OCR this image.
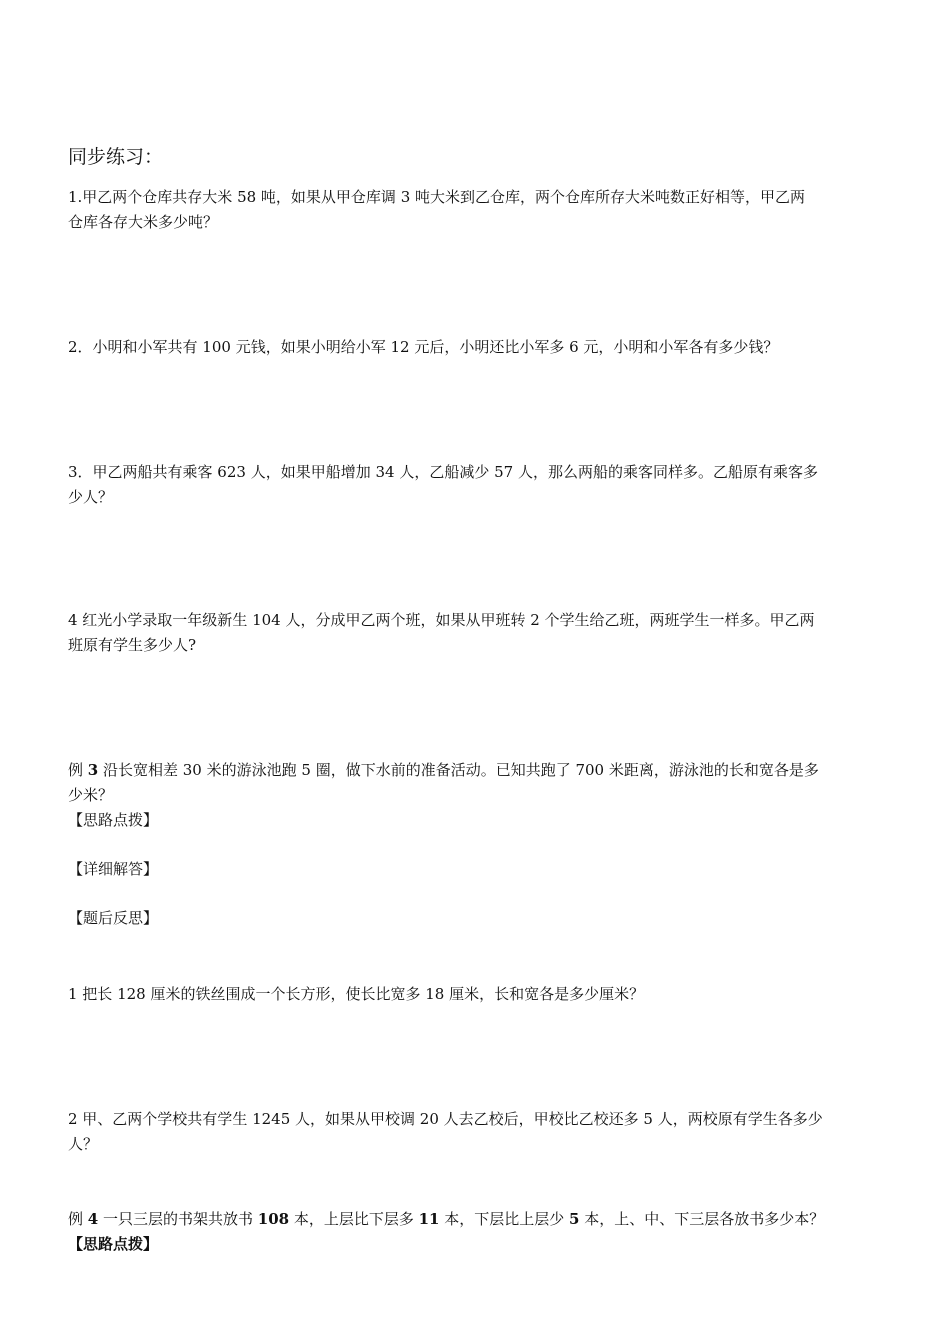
同步练习：
1.甲乙两个仓库共存大米 58 吨，如果从甲仓库调 3 吨大米到乙仓库，两个仓库所存大米吨数正好相等，甲乙两
仓库各存大米多少吨？
2．小明和小军共有 100 元钱，如果小明给小军 12 元后，小明还比小军多 6 元，小明和小军各有多少钱？
3．甲乙两船共有乘客 623 人，如果甲船增加 34 人，乙船减少 57 人，那么两船的乘客同样多。乙船原有乘客多
少人？
4 红光小学录取一年级新生 104 人，分成甲乙两个班，如果从甲班转 2 个学生给乙班，两班学生一样多。甲乙两
班原有学生多少人?
例 3 沿长宽相差 30 米的游泳池跑 5 圈，做下水前的准备活动。已知共跑了 700 米距离，游泳池的长和宽各是多
少米？
【思路点拨】
【详细解答】
【题后反思】
1 把长 128 厘米的铁丝围成一个长方形，使长比宽多 18 厘米，长和宽各是多少厘米？
2 甲、乙两个学校共有学生 1245 人，如果从甲校调 20 人去乙校后，甲校比乙校还多 5 人，两校原有学生各多少
人？
例 4 一只三层的书架共放书 108 本，上层比下层多 11 本，下层比上层少 5 本，上、中、下三层各放书多少本？
【思路点拨】
